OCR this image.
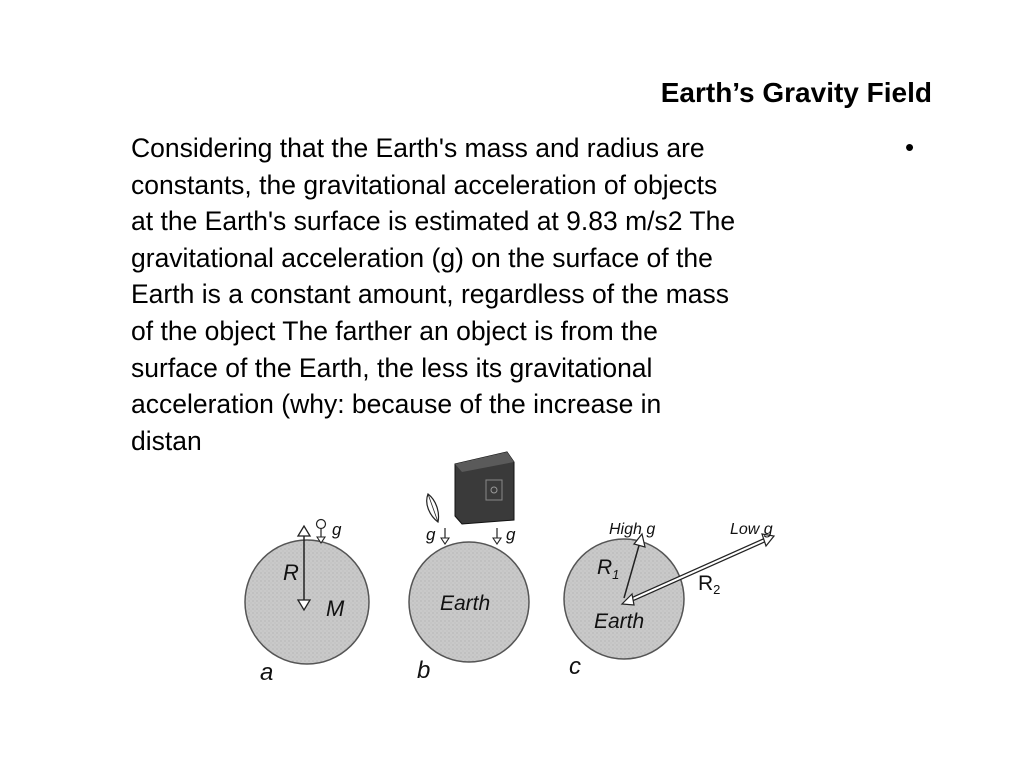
Earth’s Gravity Field
•
Considering that the Earth's mass and radius are
constants, the gravitational acceleration of objects
at the Earth's surface is estimated at 9.83 m/s2 The
gravitational acceleration (g) on the surface of the
Earth is a constant amount, regardless of the mass
of the object The farther an object is from the
surface of the Earth, the less its gravitational
acceleration (why: because of the increase in
distan
g
R
M
a
g	g
Earth
b
High g	Low g
$R_1$	R2
Earth
c
